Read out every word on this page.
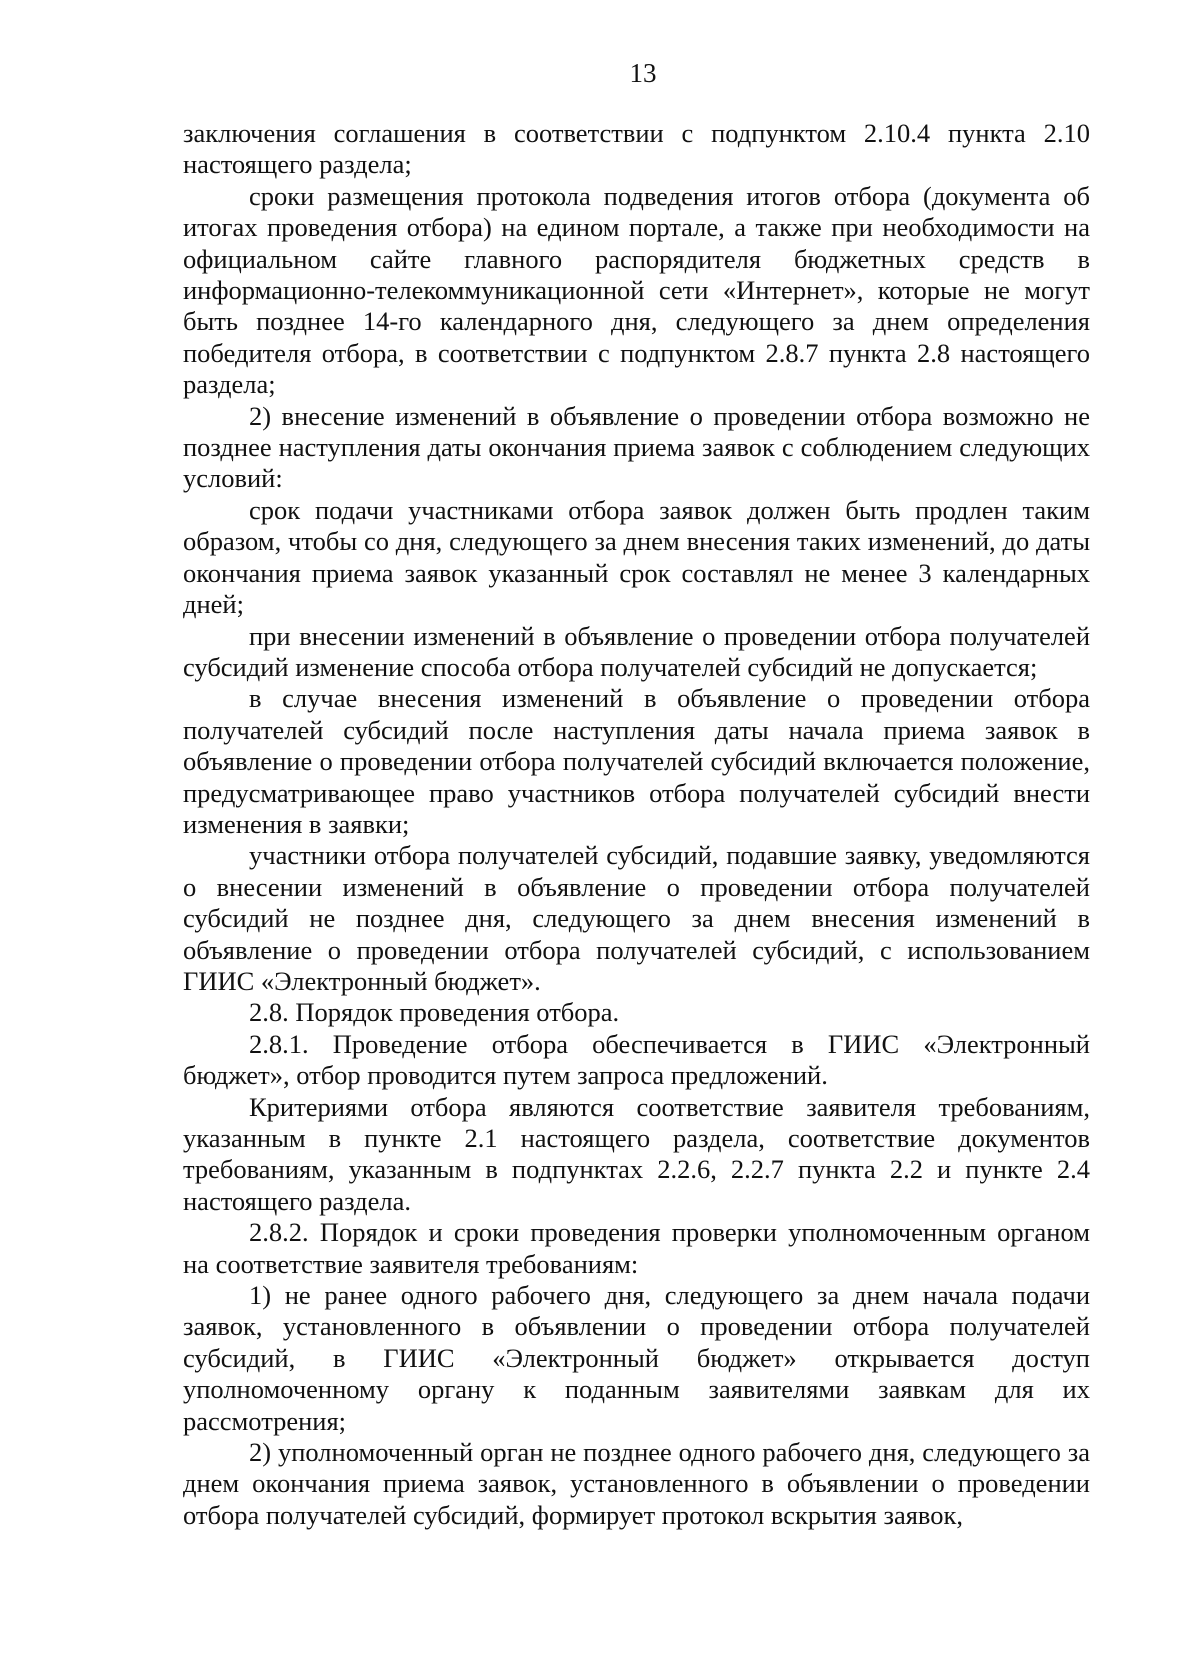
13

заключения соглашения в соответствии с подпунктом 2.10.4 пункта 2.10 настоящего раздела;

сроки размещения протокола подведения итогов отбора (документа об итогах проведения отбора) на едином портале, а также при необходимости на официальном сайте главного распорядителя бюджетных средств в информационно-телекоммуникационной сети «Интернет», которые не могут быть позднее 14-го календарного дня, следующего за днем определения победителя отбора, в соответствии с подпунктом 2.8.7 пункта 2.8 настоящего раздела;

2) внесение изменений в объявление о проведении отбора возможно не позднее наступления даты окончания приема заявок с соблюдением следующих условий:

срок подачи участниками отбора заявок должен быть продлен таким образом, чтобы со дня, следующего за днем внесения таких изменений, до даты окончания приема заявок указанный срок составлял не менее 3 календарных дней;

при внесении изменений в объявление о проведении отбора получателей субсидий изменение способа отбора получателей субсидий не допускается;

в случае внесения изменений в объявление о проведении отбора получателей субсидий после наступления даты начала приема заявок в объявление о проведении отбора получателей субсидий включается положение, предусматривающее право участников отбора получателей субсидий внести изменения в заявки;

участники отбора получателей субсидий, подавшие заявку, уведомляются о внесении изменений в объявление о проведении отбора получателей субсидий не позднее дня, следующего за днем внесения изменений в объявление о проведении отбора получателей субсидий, с использованием ГИИС «Электронный бюджет».

2.8. Порядок проведения отбора.

2.8.1. Проведение отбора обеспечивается в ГИИС «Электронный бюджет», отбор проводится путем запроса предложений.

Критериями отбора являются соответствие заявителя требованиям, указанным в пункте 2.1 настоящего раздела, соответствие документов требованиям, указанным в подпунктах 2.2.6, 2.2.7 пункта 2.2 и пункте 2.4 настоящего раздела.

2.8.2. Порядок и сроки проведения проверки уполномоченным органом на соответствие заявителя требованиям:

1) не ранее одного рабочего дня, следующего за днем начала подачи заявок, установленного в объявлении о проведении отбора получателей субсидий, в ГИИС «Электронный бюджет» открывается доступ уполномоченному органу к поданным заявителями заявкам для их рассмотрения;

2) уполномоченный орган не позднее одного рабочего дня, следующего за днем окончания приема заявок, установленного в объявлении о проведении отбора получателей субсидий, формирует протокол вскрытия заявок,
